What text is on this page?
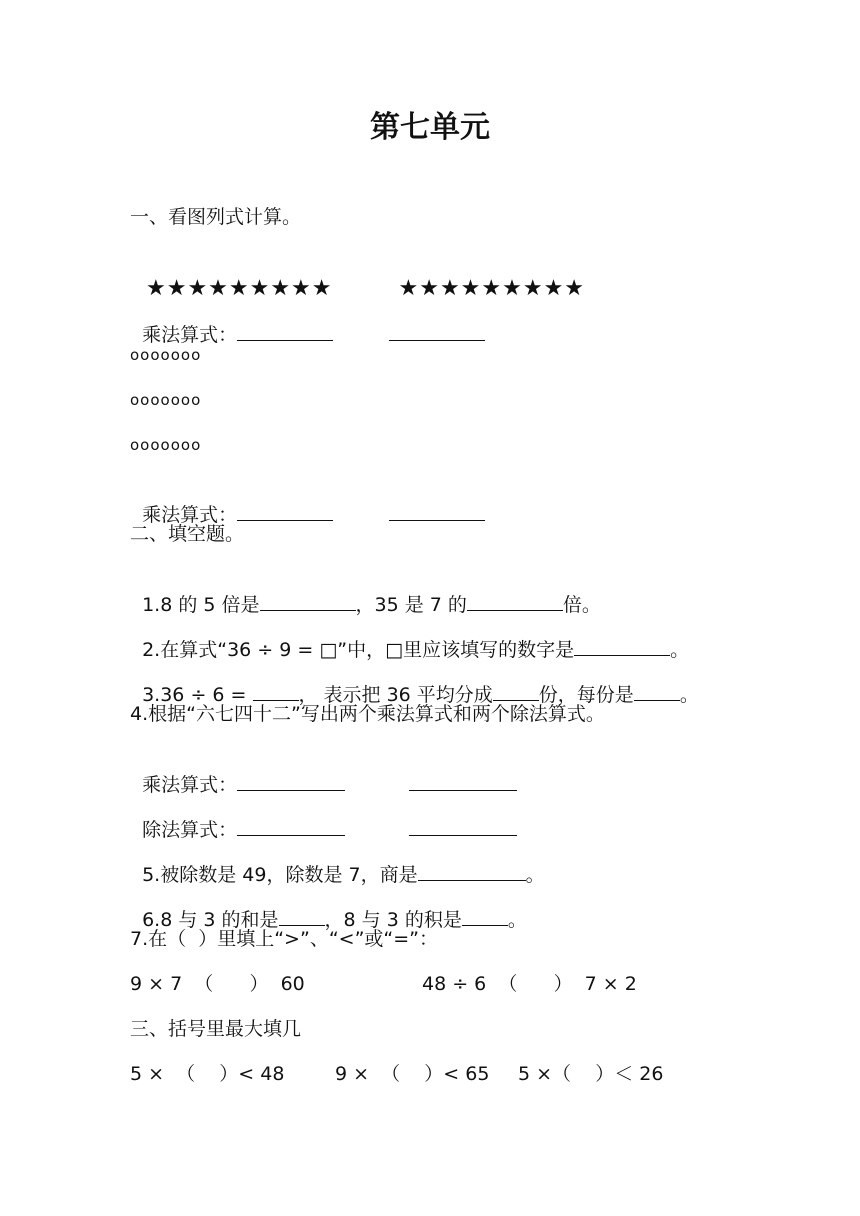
第七单元
一、看图列式计算。

★★★★★★★★★	★★★★★★★★★

乘法算式：

ooooooo
ooooooo
ooooooo

乘法算式：

二、填空题。

1.8 的 5 倍是	，35 是 7 的	倍。

2.在算式“36 ÷ 9 = □”中，□里应该填写的数字是	。

3.36 ÷ 6 = ， 表示把 36 平均分成 份，每份是 。

4.根据“六七四十二”写出两个乘法算式和两个除法算式。

乘法算式：

除法算式：

5.被除数是 49，除数是 7，商是	。

6.8 与 3 的和是 ，8 与 3 的积是 。

7.在（  ）里填上“>”、“<”或“=”：
9 × 7  （      ）  60	48 ÷ 6  （      ）  7 × 2
三、括号里最大填几
5 ×  （    ）< 48	9 ×  （    ）< 65 5 ×（    ）＜ 26
